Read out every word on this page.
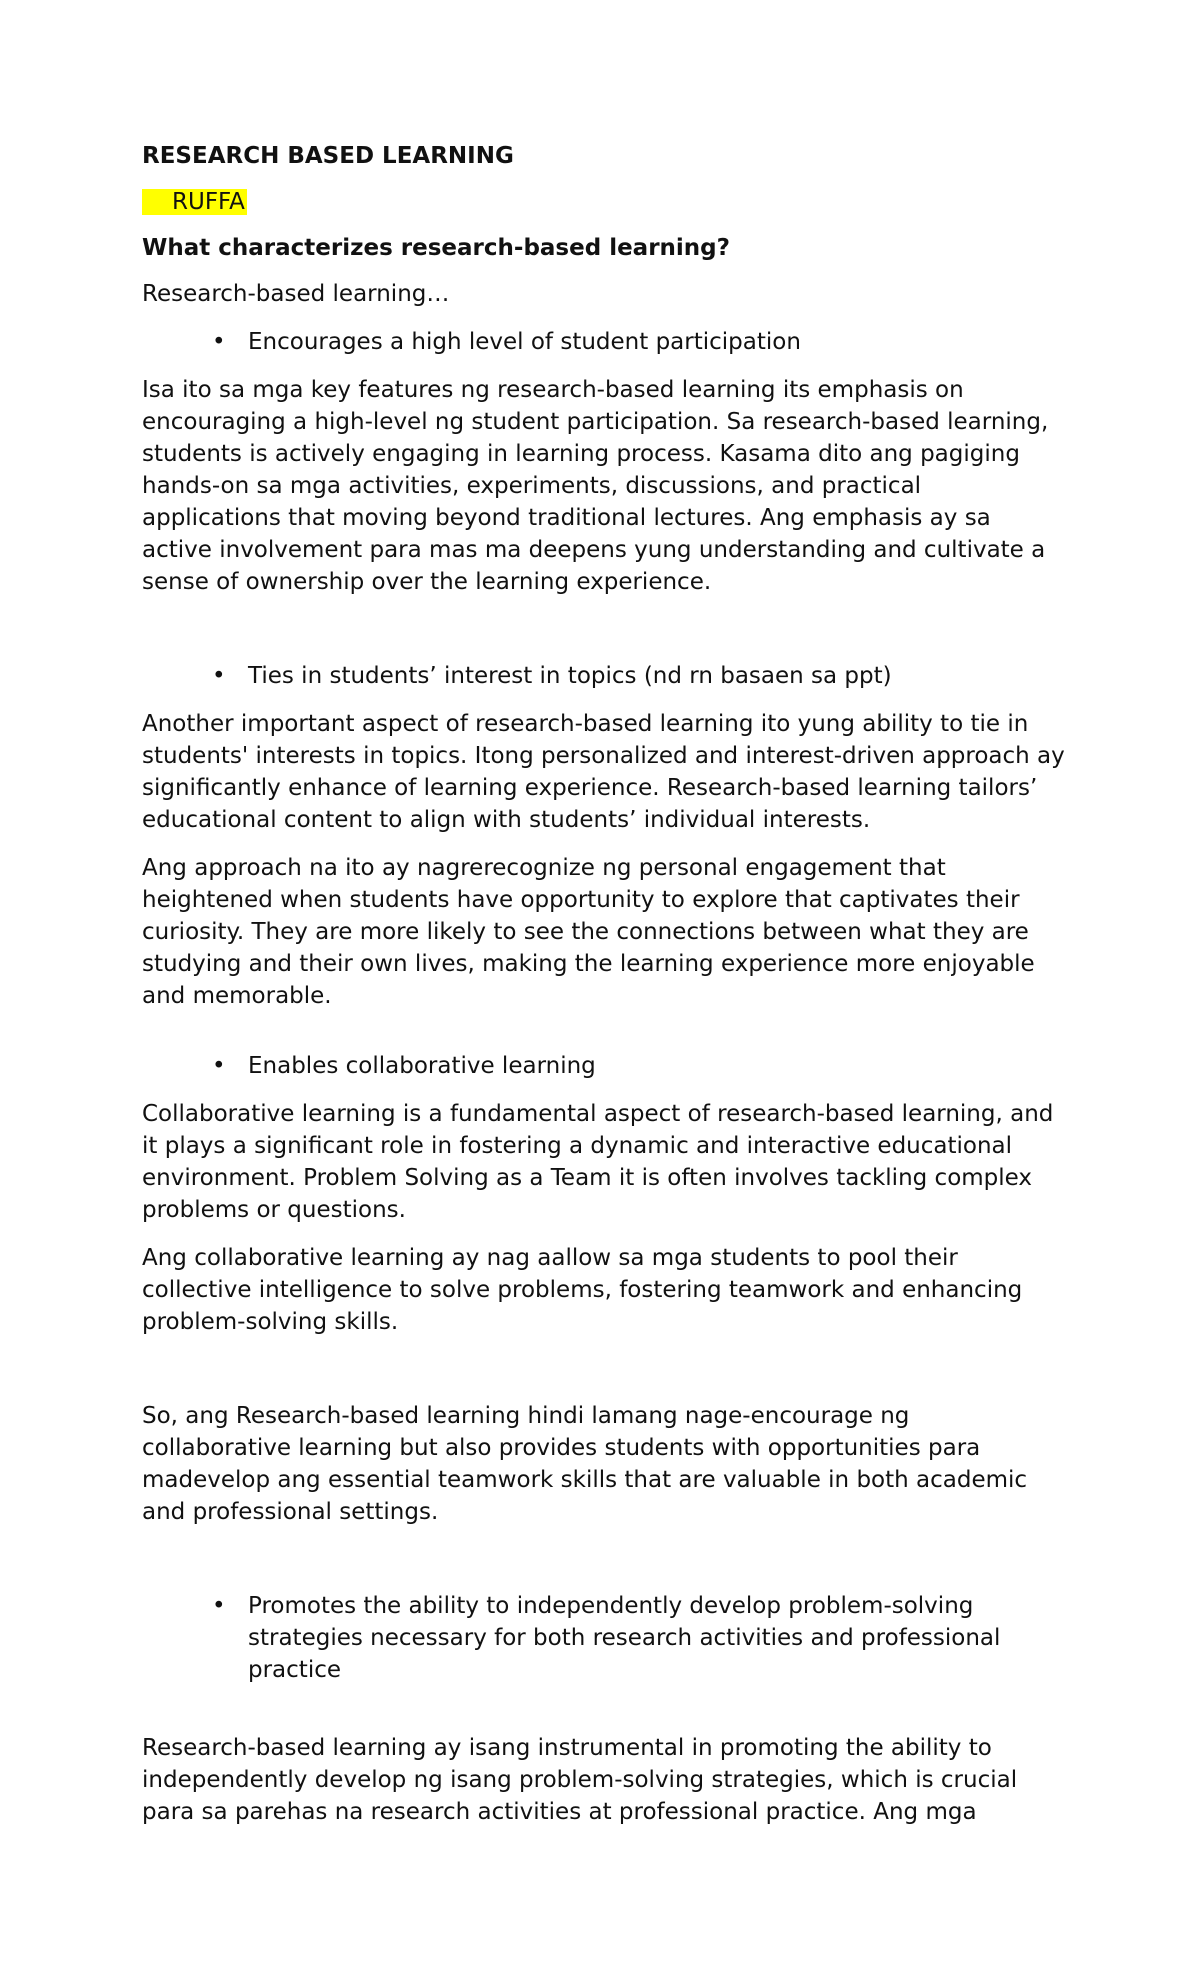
RESEARCH BASED LEARNING
RUFFA
What characterizes research-based learning?
Research-based learning…
• Encourages a high level of student participation
Isa ito sa mga key features ng research-based learning its emphasis on encouraging a high-level ng student participation. Sa research-based learning, students is actively engaging in learning process. Kasama dito ang pagiging hands-on sa mga activities, experiments, discussions, and practical applications that moving beyond traditional lectures. Ang emphasis ay sa active involvement para mas ma deepens yung understanding and cultivate a sense of ownership over the learning experience.
• Ties in students’ interest in topics (nd rn basaen sa ppt)
Another important aspect of research-based learning ito yung ability to tie in students' interests in topics. Itong personalized and interest-driven approach ay significantly enhance of learning experience. Research-based learning tailors’ educational content to align with students’ individual interests.
Ang approach na ito ay nagrerecognize ng personal engagement that heightened when students have opportunity to explore that captivates their curiosity. They are more likely to see the connections between what they are studying and their own lives, making the learning experience more enjoyable and memorable.
• Enables collaborative learning
Collaborative learning is a fundamental aspect of research-based learning, and it plays a significant role in fostering a dynamic and interactive educational environment. Problem Solving as a Team it is often involves tackling complex problems or questions.
Ang collaborative learning ay nag aallow sa mga students to pool their collective intelligence to solve problems, fostering teamwork and enhancing problem-solving skills.
So, ang Research-based learning hindi lamang nage-encourage ng collaborative learning but also provides students with opportunities para madevelop ang essential teamwork skills that are valuable in both academic and professional settings.
• Promotes the ability to independently develop problem-solving strategies necessary for both research activities and professional practice
Research-based learning ay isang instrumental in promoting the ability to independently develop ng isang problem-solving strategies, which is crucial para sa parehas na research activities at professional practice. Ang mga
